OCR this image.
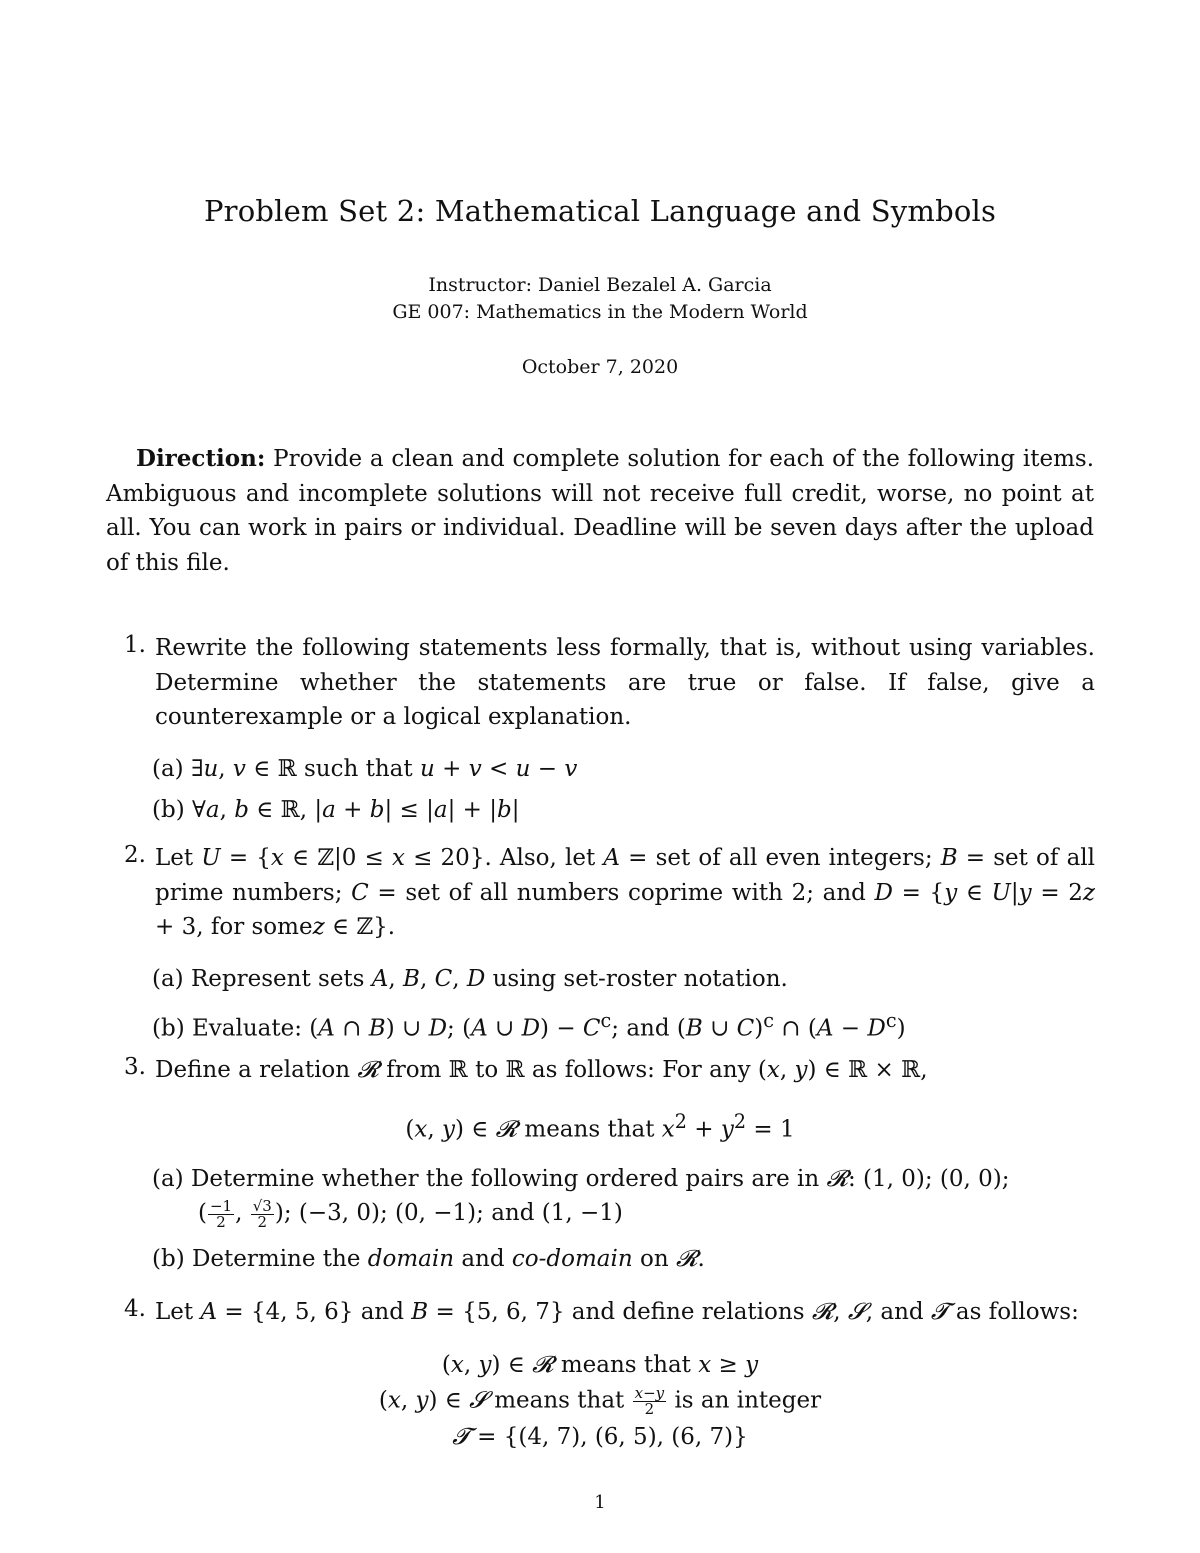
Problem Set 2: Mathematical Language and Symbols
Instructor: Daniel Bezalel A. Garcia
GE 007: Mathematics in the Modern World
October 7, 2020
Direction: Provide a clean and complete solution for each of the following items. Ambiguous and incomplete solutions will not receive full credit, worse, no point at all. You can work in pairs or individual. Deadline will be seven days after the upload of this file.
1. Rewrite the following statements less formally, that is, without using variables. Determine whether the statements are true or false. If false, give a counterexample or a logical explanation.
(a) ∃u, v ∈ ℝ such that u + v < u − v
(b) ∀a, b ∈ ℝ, |a + b| ≤ |a| + |b|
2. Let U = {x ∈ ℤ|0 ≤ x ≤ 20}. Also, let A = set of all even integers; B = set of all prime numbers; C = set of all numbers coprime with 2; and D = {y ∈ U|y = 2z + 3, for somez ∈ ℤ}.
(a) Represent sets A, B, C, D using set-roster notation.
(b) Evaluate: (A ∩ B) ∪ D; (A ∪ $D) - C^c$; and (B ∪ C)$^c$ ∩ $(A - D^c)$
3. Define a relation 𝓡 from ℝ to ℝ as follows: For any (x, y) ∈ ℝ × ℝ,
(x, y) ∈ 𝓡 means that $x^2 + y^2 = 1$
(a) Determine whether the following ordered pairs are in 𝓡: (1, 0); (0, 0);
( $\frac{-1}{2}$ , $\frac{√3}{2}$ ); (−3, 0); (0, −1); and (1, −1)
(b) Determine the domain and co-domain on 𝓡.
4. Let A = {4, 5, 6} and B = {5, 6, 7} and define relations 𝓡, 𝓢, and 𝓣 as follows:
(x, y) ∈ 𝓡 means that x ≥ y
(x, y) ∈ 𝓢 means that $\frac{x-y}{2}$ is an integer
𝓣 = {(4, 7), (6, 5), (6, 7)}
1
